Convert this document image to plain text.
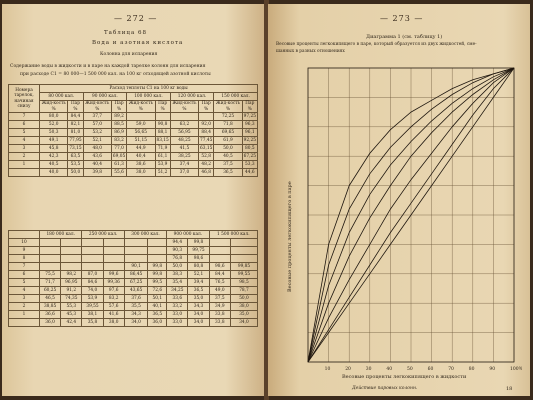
— 272 —
Таблица 68
Вода и азотная кислота
Колонна для испарения
Содержание воды в жидкости и в паре на каждой тарелке колонн для испарения
при расходе C1 = 80 000—1 500 000 кал. на 100 кг отходящей азотной кислоты
Номера тарелок, начиная снизу	Расход теплоты C1 на 100 кг воды									
	80 000 кал.		90 000 кал.		100 000 кал.		120 000 кал.		150 000 кал.	
	Жид-кость %	Пар %	Жид-кость %	Пар %	Жид-кость %	Пар %	Жид-кость %	Пар %	Жид-кость %	Пар %
7	80,0	84,4	37,7	89,2					72,25	97,25
6	52,0	82,1	57,0	88,5	59,0	90,8	63,2	92,0	71,8	96,3
5	50,3	81,0	53,2	86,9	56,65	88,1	56,95	88,4	69,65	96,1
4	49,1	77,95	52,1	83,2	51,15	83,15	48,25	77,45	61,9	92,25
3	45,8	73,15	48,0	77,0	44,9	71,9	41,5	63,15	50,0	80,5
2	42,3	63,5	43,6	69,05	40,4	61,1	38,25	52,8	40,5	67,25
1	40,5	53,5	40,4	61,3	38,6	53,9	37,4	48,2	37,5	53,3
	40,0	50,0	39,8	55,6	38,0	51,2	37,0	46,8	36,5	44,6
	180 000 кал.		250 000 кал.		300 000 кал.		900 000 кал.		1 500 000 кал.	
10							94,4	99,8		
9							90,3	99,75		
8							76,8	98,6		
7					90,1	99,8	50,0	80,8	98,6	99,85
6	75,5	98,2	87,0	99,6	86,45	99,8	38,3	52,1	84,4	99,55
5	71,7	96,95	84,6	99,36	67,25	99,5	35,4	39,4	76,5	98,5
4	60,25	91,2	74,0	97,6	43,65	72,6	34,25	36,5	49,0	78,7
3	46,5	74,35	53,9	83,2	37,6	50,1	33,6	35,0	37,5	50,0
2	38,85	55,3	39,55	57,6	35,5	40,1	33,2	34,3	34,9	38,0
1	36,6	45,3	38,1	41,6	34,3	36,5	33,0	34,0	33,8	35,0
	36,0	42,4	35,8	38,0	34,0	36,0	33,0	34,0	33,8	34,0
— 273 —
Диаграмма 1 (см. таблицу 1)
Весовые проценты легкокипящего в паре, который образуется из двух жидкостей, сме-
шанных в разных отношениях
10	20	30	40	50	60	70	80	90	100%
Весовые проценты легкокипящего в паре
Весовые проценты легкокипящего в жидкости
Действие паровых колонн.	18
